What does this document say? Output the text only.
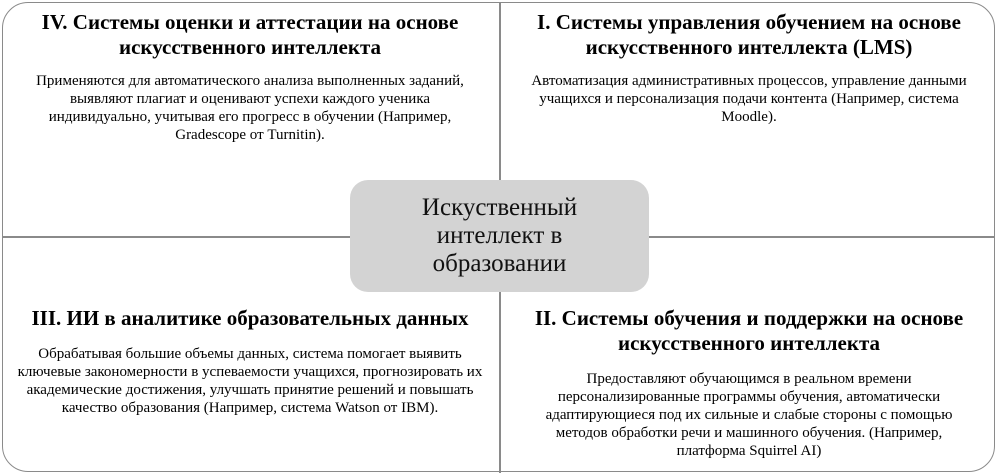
IV. Системы оценки и аттестации на основе искусственного интеллекта

Применяются для автоматического анализа выполненных заданий, выявляют плагиат и оценивают успехи каждого ученика индивидуально, учитывая его прогресс в обучении (Например, Gradescope от Turnitin).

I. Системы управления обучением на основе искусственного интеллекта (LMS)

Автоматизация административных процессов, управление данными учащихся и персонализация подачи контента (Например, система Moodle).

III. ИИ в аналитике образовательных данных

Обрабатывая большие объемы данных, система помогает выявить ключевые закономерности в успеваемости учащихся, прогнозировать их академические достижения, улучшать принятие решений и повышать качество образования (Например, система Watson от IBM).

II. Системы обучения и поддержки на основе искусственного интеллекта

Предоставляют обучающимся в реальном времени персонализированные программы обучения, автоматически адаптирующиеся под их сильные и слабые стороны с помощью методов обработки речи и машинного обучения. (Например, платформа Squirrel AI)

Искуственный интеллект в образовании
